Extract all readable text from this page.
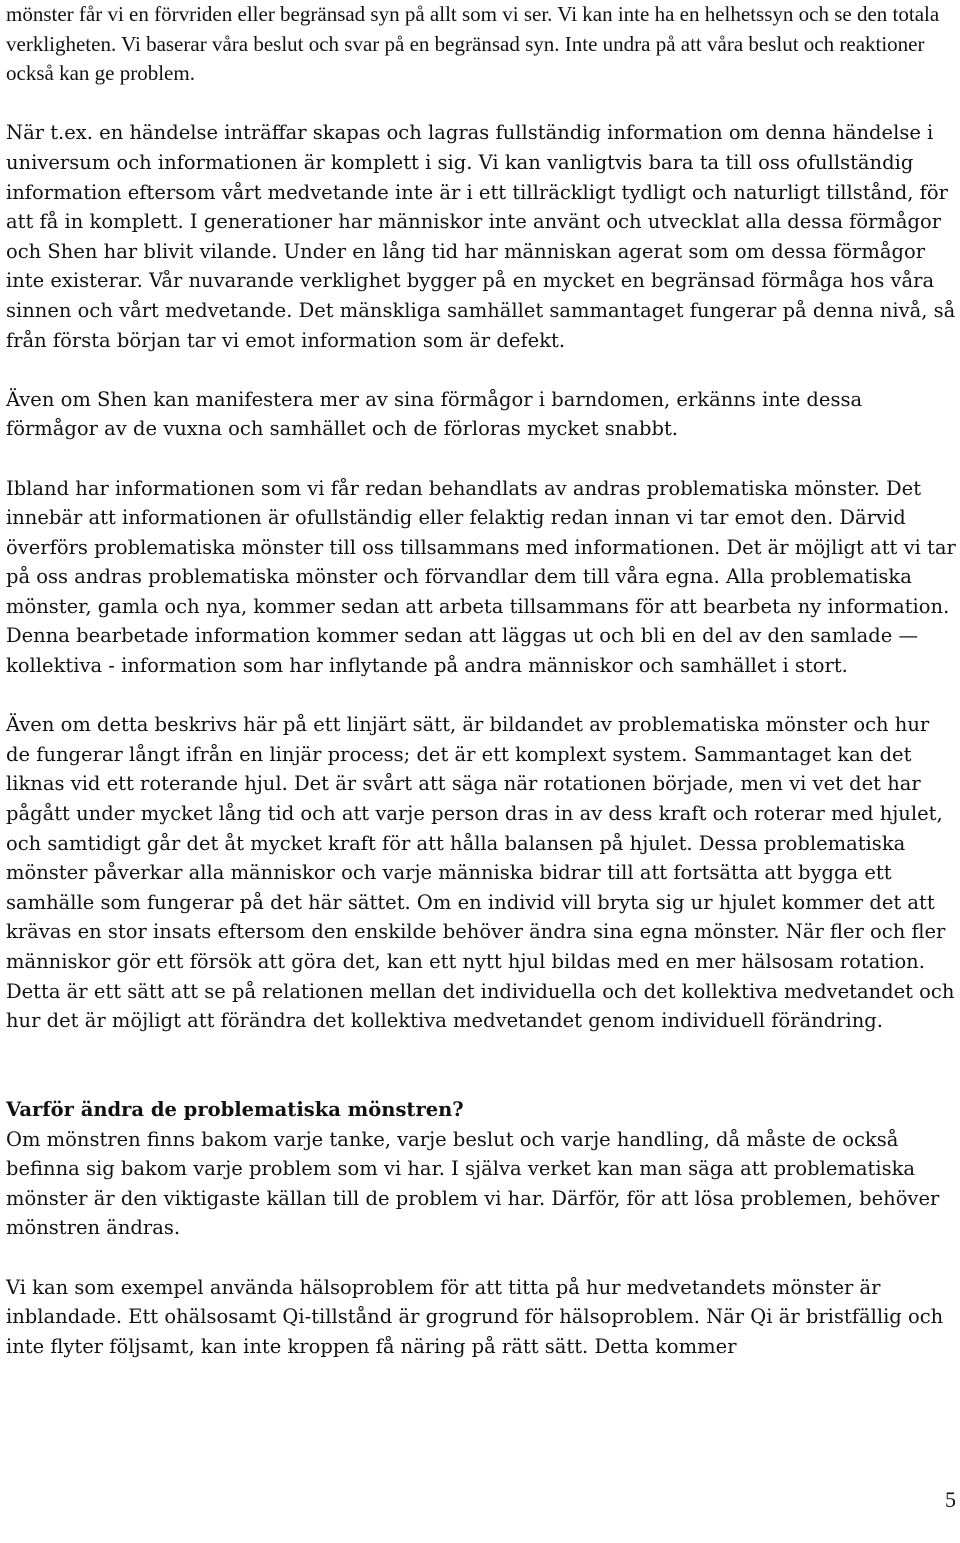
mönster får vi en förvriden eller begränsad syn på allt som vi ser. Vi kan inte ha en helhetssyn och se den totala verkligheten. Vi baserar våra beslut och svar på en begränsad syn. Inte undra på att våra beslut och reaktioner också kan ge problem.

När t.ex. en händelse inträffar skapas och lagras fullständig information om denna händelse i universum och informationen är komplett i sig. Vi kan vanligtvis bara ta till oss ofullständig information eftersom vårt medvetande inte är i ett tillräckligt tydligt och naturligt tillstånd, för att få in komplett. I generationer har människor inte använt och utvecklat alla dessa förmågor och Shen har blivit vilande. Under en lång tid har människan agerat som om dessa förmågor inte existerar. Vår nuvarande verklighet bygger på en mycket en begränsad förmåga hos våra sinnen och vårt medvetande. Det mänskliga samhället sammantaget fungerar på denna nivå, så från första början tar vi emot information som är defekt.

Även om Shen kan manifestera mer av sina förmågor i barndomen, erkänns inte dessa förmågor av de vuxna och samhället och de förloras mycket snabbt.

Ibland har informationen som vi får redan behandlats av andras problematiska mönster. Det innebär att informationen är ofullständig eller felaktig redan innan vi tar emot den. Därvid överförs problematiska mönster till oss tillsammans med informationen. Det är möjligt att vi tar på oss andras problematiska mönster och förvandlar dem till våra egna. Alla problematiska mönster, gamla och nya, kommer sedan att arbeta tillsammans för att bearbeta ny information. Denna bearbetade information kommer sedan att läggas ut och bli en del av den samlade — kollektiva - information som har inflytande på andra människor och samhället i stort.

Även om detta beskrivs här på ett linjärt sätt, är bildandet av problematiska mönster och hur de fungerar långt ifrån en linjär process; det är ett komplext system. Sammantaget kan det liknas vid ett roterande hjul. Det är svårt att säga när rotationen började, men vi vet det har pågått under mycket lång tid och att varje person dras in av dess kraft och roterar med hjulet, och samtidigt går det åt mycket kraft för att hålla balansen på hjulet. Dessa problematiska mönster påverkar alla människor och varje människa bidrar till att fortsätta att bygga ett samhälle som fungerar på det här sättet. Om en individ vill bryta sig ur hjulet kommer det att krävas en stor insats eftersom den enskilde behöver ändra sina egna mönster. När fler och fler människor gör ett försök att göra det, kan ett nytt hjul bildas med en mer hälsosam rotation. Detta är ett sätt att se på relationen mellan det individuella och det kollektiva medvetandet och hur det är möjligt att förändra det kollektiva medvetandet genom individuell förändring.

Varför ändra de problematiska mönstren?

Om mönstren finns bakom varje tanke, varje beslut och varje handling, då måste de också befinna sig bakom varje problem som vi har. I själva verket kan man säga att problematiska mönster är den viktigaste källan till de problem vi har. Därför, för att lösa problemen, behöver mönstren ändras.

Vi kan som exempel använda hälsoproblem för att titta på hur medvetandets mönster är inblandade. Ett ohälsosamt Qi-tillstånd är grogrund för hälsoproblem. När Qi är bristfällig och inte flyter följsamt, kan inte kroppen få näring på rätt sätt. Detta kommer

5
